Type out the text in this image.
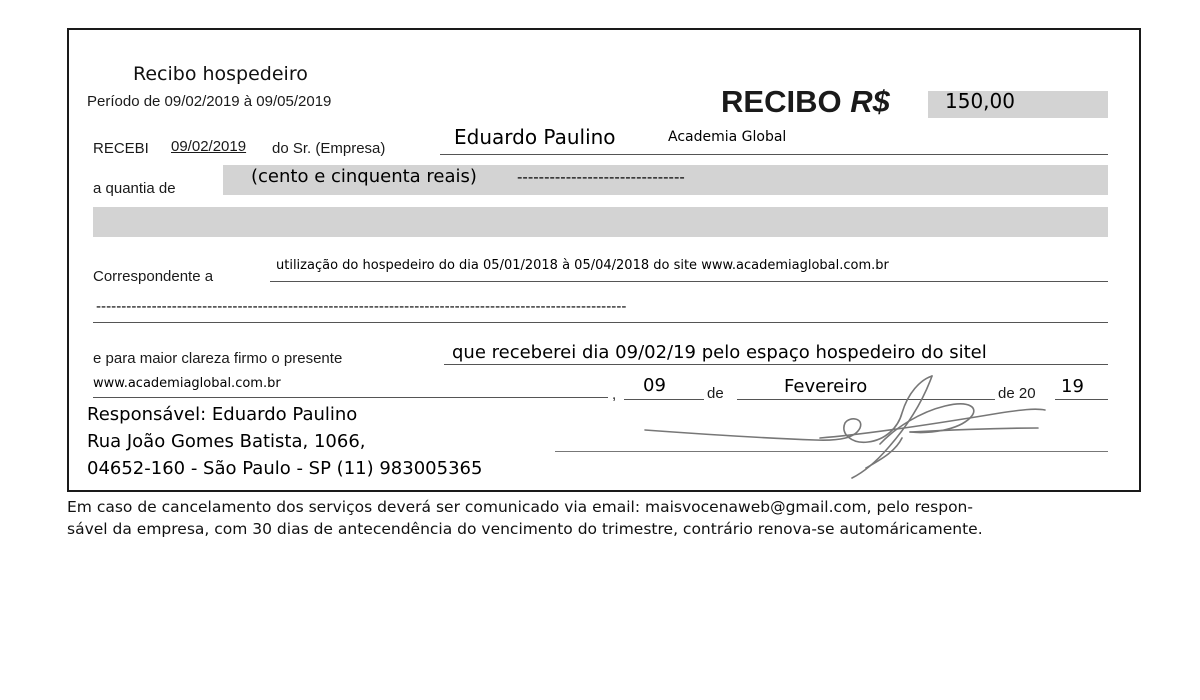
Recibo hospedeiro
Período de 09/02/2019 à 09/05/2019	RECIBO R$	150,00
RECEBI 09/02/2019 do Sr. (Empresa)	Eduardo Paulino	Academia Global
a quantia de
(cento e cinquenta reais)	-------------------------------
Correspondente a
utilização do hospedeiro do dia 05/01/2018 à 05/04/2018 do site www.academiaglobal.com.br
---------------------------------------------------------------------------------------------------------
e para maior clareza firmo o presente	que receberei dia 09/02/19 pelo espaço hospedeiro do sitel
www.academiaglobal.com.br
, 09	de	Fevereiro	de 20 19
Responsável: Eduardo Paulino
Rua João Gomes Batista, 1066,
04652-160 - São Paulo - SP (11) 983005365
Em caso de cancelamento dos serviços deverá ser comunicado via email: maisvocenaweb@gmail.com, pelo respon-
sável da empresa, com 30 dias de antecendência do vencimento do trimestre, contrário renova-se automáricamente.
